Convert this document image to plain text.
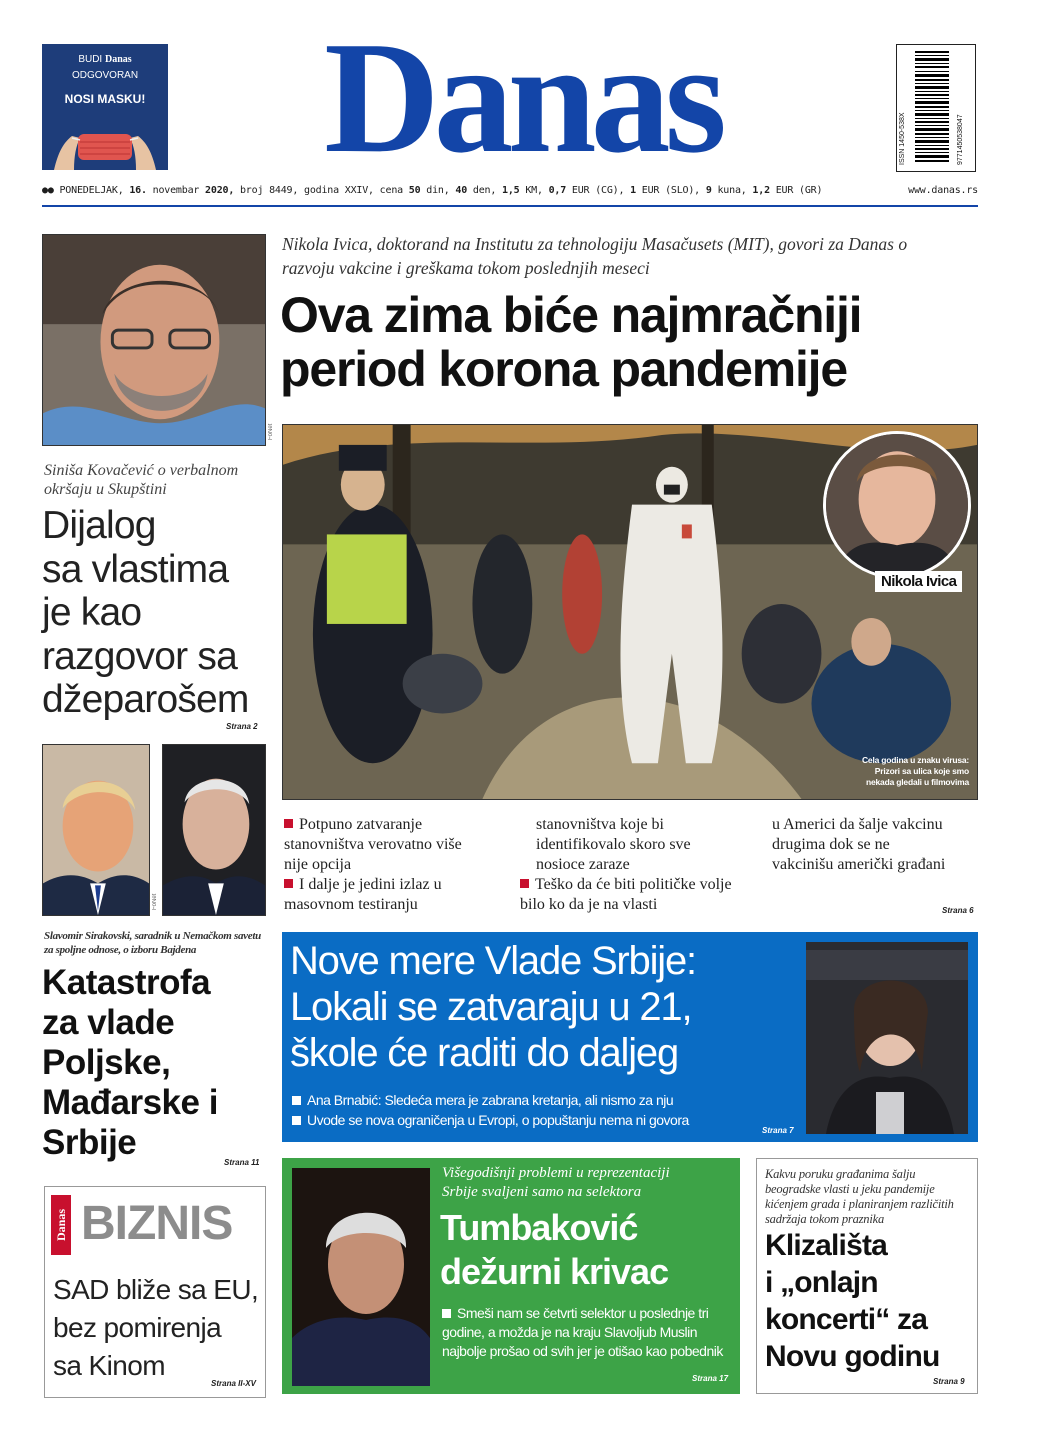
BUDI Danas
ODGOVORAN
NOSI MASKU!	Danas	ISSN 1450-538X	9771450538047
●● PONEDELJAK, 16. novembar 2020, broj 8449, godina XXIV, cena 50 din, 40 den, 1,5 KM, 0,7 EUR (CG), 1 EUR (SLO), 9 kuna, 1,2 EUR (GR)	www.danas.rs
FoNet
Siniša Kovačević o verbalnom okršaju u Skupštini
Dijalog
sa vlastima
je kao
razgovor sa
džeparošem
Strana 2
FoNet
Slavomir Sirakovski, saradnik u Nemačkom savetu za spoljne odnose, o izboru Bajdena
Katastrofa
za vlade
Poljske,
Mađarske i
Srbije
Strana 11
Danas BIZNIS
SAD bliže sa EU,
bez pomirenja
sa Kinom
Strana II-XV
Nikola Ivica, doktorand na Institutu za tehnologiju Masačusets (MIT), govori za Danas o razvoju vakcine i greškama tokom poslednjih meseci
Ova zima biće najmračniji
period korona pandemije
Nikola Ivica
Cela godina u znaku virusa:
Prizori sa ulica koje smo
nekada gledali u filmovima
Potpuno zatvaranje stanovništva verovatno više nije opcija
I dalje je jedini izlaz u masovnom testiranju
stanovništva koje bi identifikovalo skoro sve nosioce zaraze
Teško da će biti političke volje bilo ko da je na vlasti
u Americi da šalje vakcinu drugima dok se ne vakcinišu američki građani
Strana 6
Nove mere Vlade Srbije:
Lokali se zatvaraju u 21,
škole će raditi do daljeg
Ana Brnabić: Sledeća mera je zabrana kretanja, ali nismo za nju
Uvode se nova ograničenja u Evropi, o popuštanju nema ni govora
Strana 7
Višegodišnji problemi u reprezentaciji
Srbije svaljeni samo na selektora
Tumbaković
dežurni krivac
Smeši nam se četvrti selektor u poslednje tri godine, a možda je na kraju Slavoljub Muslin najbolje prošao od svih jer je otišao kao pobednik
Strana 17
Kakvu poruku građanima šalju beogradske vlasti u jeku pandemije kićenjem grada i planiranjem različitih sadržaja tokom praznika
Klizališta
i „onlajn
koncerti“ za
Novu godinu
Strana 9
